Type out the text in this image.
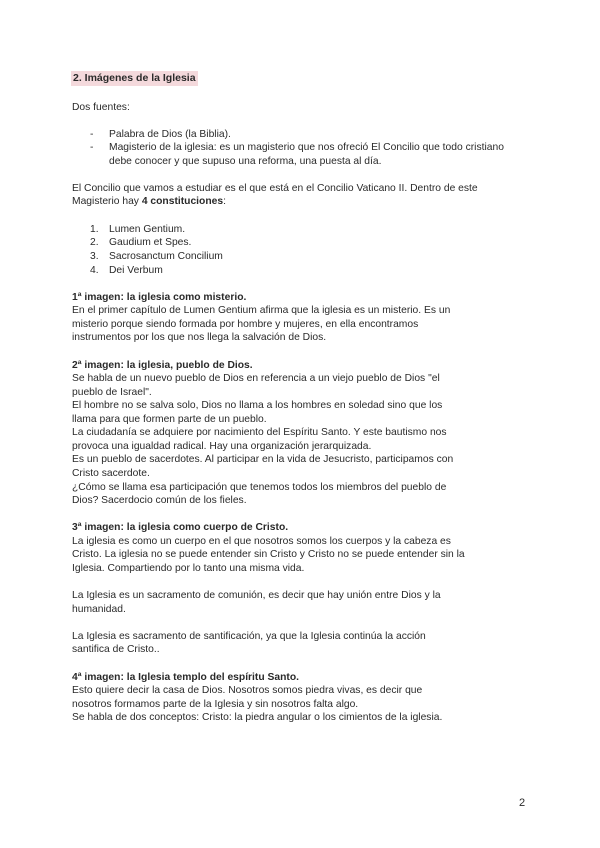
2. Imágenes de la Iglesia
Dos fuentes:
-	Palabra de Dios (la Biblia).
-	Magisterio de la iglesia: es un magisterio que nos ofreció El Concilio que todo cristiano
debe conocer y que supuso una reforma, una puesta al día.
El Concilio que vamos a estudiar es el que está en el Concilio Vaticano II. Dentro de este
Magisterio hay 4 constituciones:
1.	Lumen Gentium.
2.	Gaudium et Spes.
3.	Sacrosanctum Concilium
4.	Dei Verbum
1ª imagen: la iglesia como misterio.
En el primer capítulo de Lumen Gentium afirma que la iglesia es un misterio. Es un
misterio porque siendo formada por hombre y mujeres, en ella encontramos
instrumentos por los que nos llega la salvación de Dios.
2ª imagen: la iglesia, pueblo de Dios.
Se habla de un nuevo pueblo de Dios en referencia a un viejo pueblo de Dios "el
pueblo de Israel".
El hombre no se salva solo, Dios no llama a los hombres en soledad sino que los
llama para que formen parte de un pueblo.
La ciudadanía se adquiere por nacimiento del Espíritu Santo. Y este bautismo nos
provoca una igualdad radical. Hay una organización jerarquizada.
Es un pueblo de sacerdotes. Al participar en la vida de Jesucristo, participamos con
Cristo sacerdote.
¿Cómo se llama esa participación que tenemos todos los miembros del pueblo de
Dios? Sacerdocio común de los fieles.
3ª imagen: la iglesia como cuerpo de Cristo.
La iglesia es como un cuerpo en el que nosotros somos los cuerpos y la cabeza es
Cristo. La iglesia no se puede entender sin Cristo y Cristo no se puede entender sin la
Iglesia. Compartiendo por lo tanto una misma vida.
La Iglesia es un sacramento de comunión, es decir que hay unión entre Dios y la
humanidad.
La Iglesia es sacramento de santificación, ya que la Iglesia continúa la acción
santifica de Cristo..
4ª imagen: la Iglesia templo del espíritu Santo.
Esto quiere decir la casa de Dios. Nosotros somos piedra vivas, es decir que
nosotros formamos parte de la Iglesia y sin nosotros falta algo.
Se habla de dos conceptos: Cristo: la piedra angular o los cimientos de la iglesia.
2
